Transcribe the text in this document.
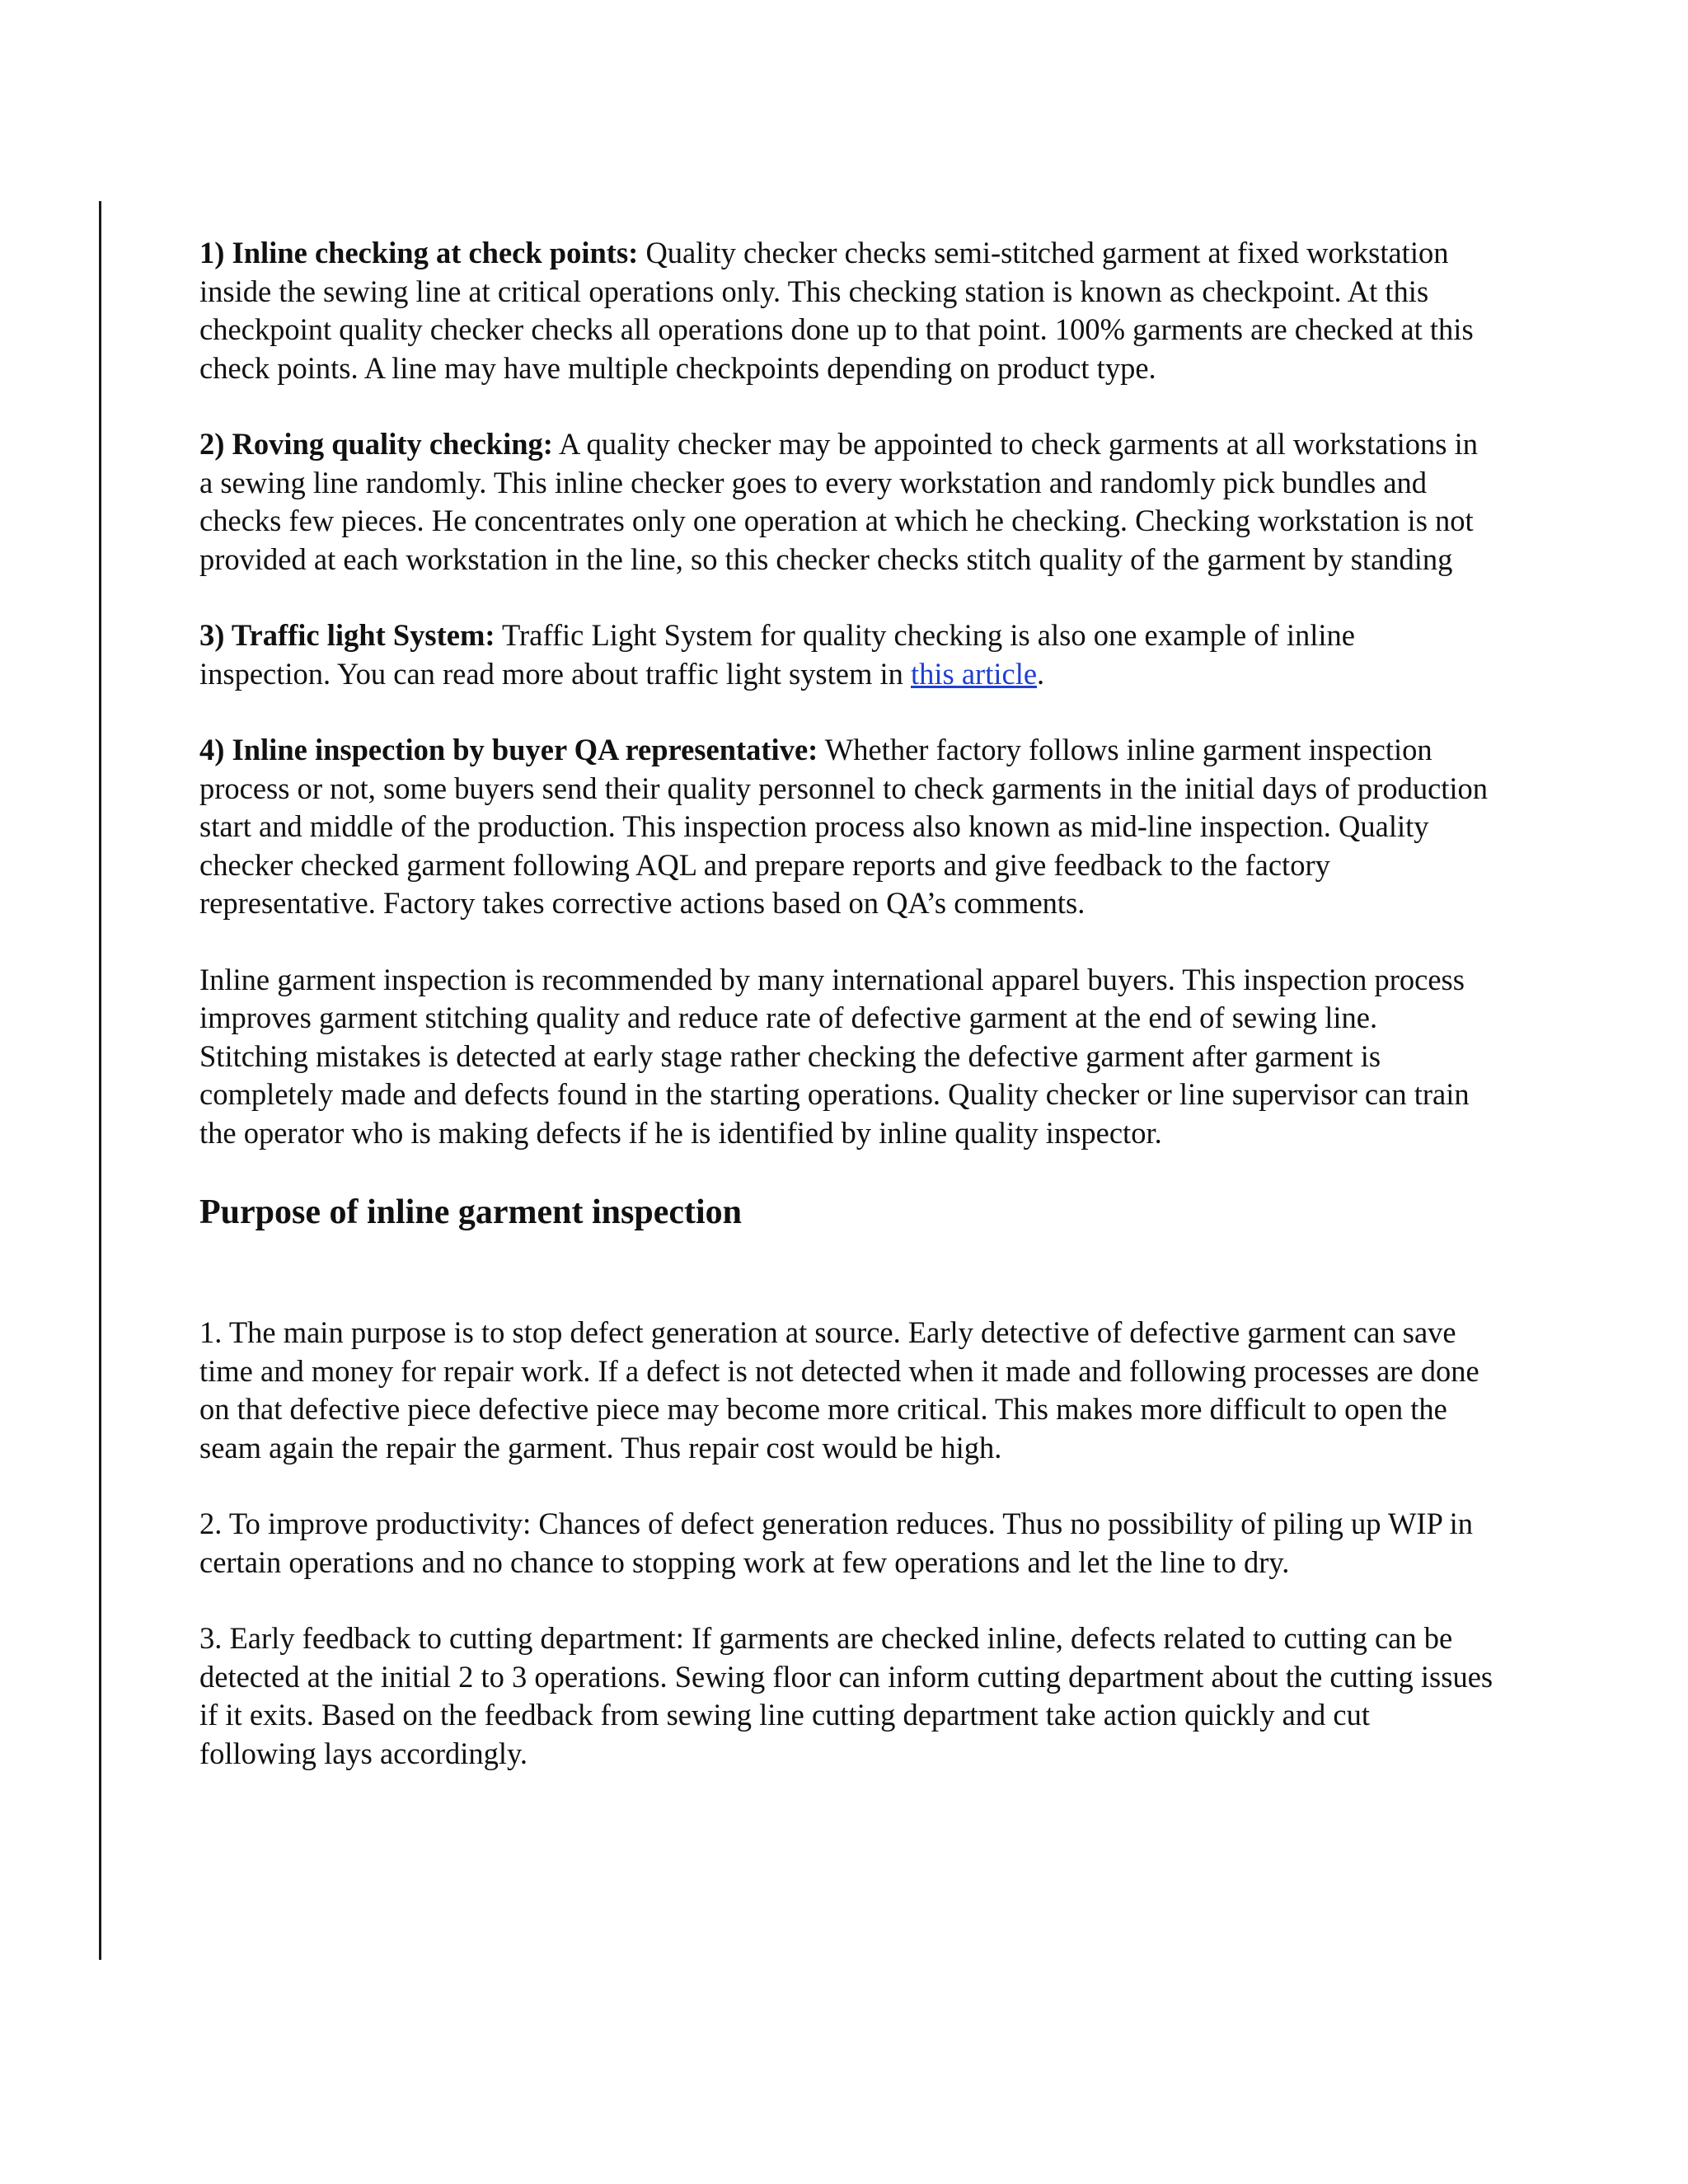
1) Inline checking at check points: Quality checker checks semi-stitched garment at fixed workstation inside the sewing line at critical operations only. This checking station is known as checkpoint. At this checkpoint quality checker checks all operations done up to that point. 100% garments are checked at this check points. A line may have multiple checkpoints depending on product type.

2) Roving quality checking: A quality checker may be appointed to check garments at all workstations in a sewing line randomly. This inline checker goes to every workstation and randomly pick bundles and checks few pieces. He concentrates only one operation at which he checking. Checking workstation is not provided at each workstation in the line, so this checker checks stitch quality of the garment by standing

3) Traffic light System: Traffic Light System for quality checking is also one example of inline inspection. You can read more about traffic light system in this article.

4) Inline inspection by buyer QA representative: Whether factory follows inline garment inspection process or not, some buyers send their quality personnel to check garments in the initial days of production start and middle of the production. This inspection process also known as mid-line inspection. Quality checker checked garment following AQL and prepare reports and give feedback to the factory representative. Factory takes corrective actions based on QA’s comments.

Inline garment inspection is recommended by many international apparel buyers. This inspection process improves garment stitching quality and reduce rate of defective garment at the end of sewing line. Stitching mistakes is detected at early stage rather checking the defective garment after garment is completely made and defects found in the starting operations. Quality checker or line supervisor can train the operator who is making defects if he is identified by inline quality inspector.

Purpose of inline garment inspection

1. The main purpose is to stop defect generation at source. Early detective of defective garment can save time and money for repair work. If a defect is not detected when it made and following processes are done on that defective piece defective piece may become more critical. This makes more difficult to open the seam again the repair the garment. Thus repair cost would be high.

2. To improve productivity: Chances of defect generation reduces. Thus no possibility of piling up WIP in certain operations and no chance to stopping work at few operations and let the line to dry.

3. Early feedback to cutting department: If garments are checked inline, defects related to cutting can be detected at the initial 2 to 3 operations. Sewing floor can inform cutting department about the cutting issues if it exits. Based on the feedback from sewing line cutting department take action quickly and cut following lays accordingly.
